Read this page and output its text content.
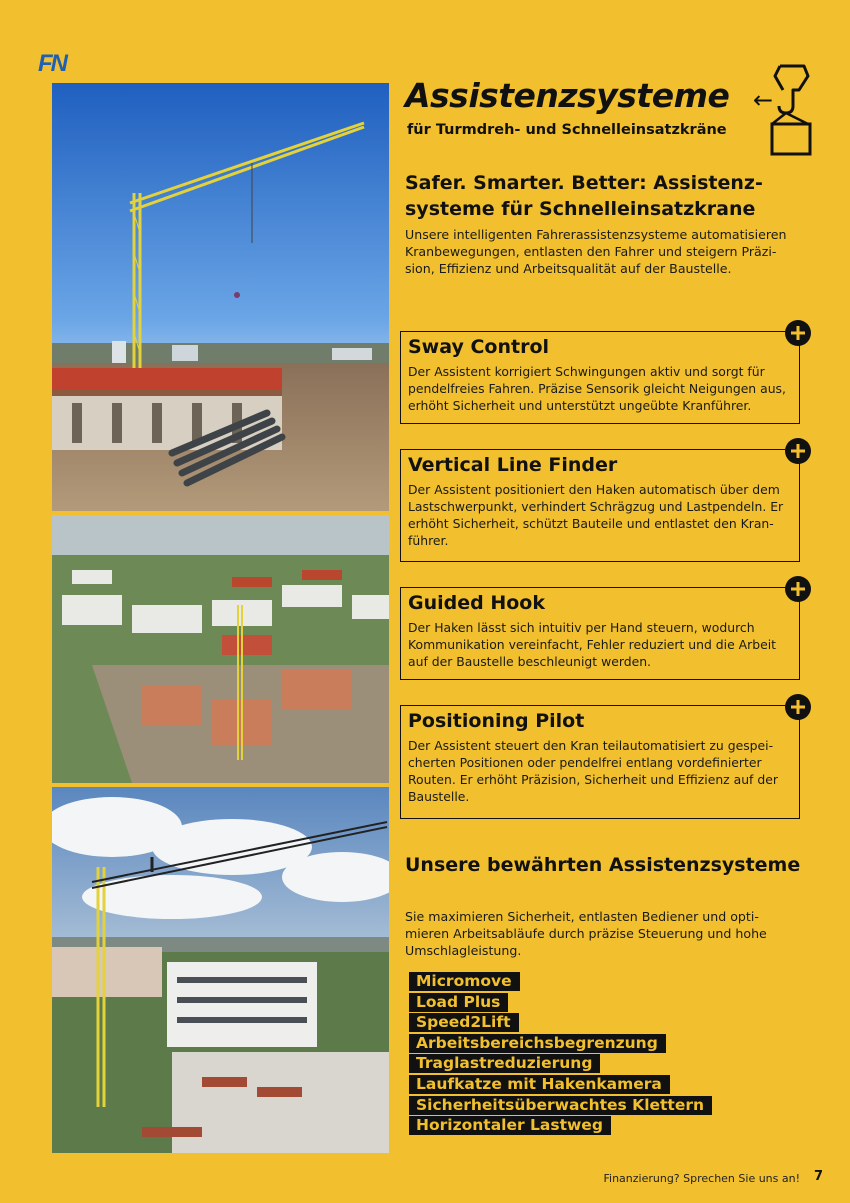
FN
Assistenzsysteme ←
für Turmdreh- und Schnelleinsatzkräne
Safer. Smarter. Better: Assistenz-systeme für Schnelleinsatzkrane

Unsere intelligenten Fahrerassistenzsysteme automatisieren Kranbewegungen, entlasten den Fahrer und steigern Präzi-sion, Effizienz und Arbeitsqualität auf der Baustelle.

Sway Control

Der Assistent korrigiert Schwingungen aktiv und sorgt für pendelfreies Fahren. Präzise Sensorik gleicht Neigungen aus, erhöht Sicherheit und unterstützt ungeübte Kranführer.

Vertical Line Finder

Der Assistent positioniert den Haken automatisch über dem Lastschwerpunkt, verhindert Schrägzug und Lastpendeln. Er erhöht Sicherheit, schützt Bauteile und entlastet den Kran-führer.

Guided Hook

Der Haken lässt sich intuitiv per Hand steuern, wodurch Kommunikation vereinfacht, Fehler reduziert und die Arbeit auf der Baustelle beschleunigt werden.

Positioning Pilot

Der Assistent steuert den Kran teilautomatisiert zu gespei-cherten Positionen oder pendelfrei entlang vordefinierter Routen. Er erhöht Präzision, Sicherheit und Effizienz auf der Baustelle.

Unsere bewährten Assistenzsysteme

Sie maximieren Sicherheit, entlasten Bediener und opti-mieren Arbeitsabläufe durch präzise Steuerung und hohe Umschlagleistung.

Micromove
Load Plus
Speed2Lift
Arbeitsbereichsbegrenzung
Traglastreduzierung
Laufkatze mit Hakenkamera
Sicherheitsüberwachtes Klettern
Horizontaler Lastweg
Finanzierung? Sprechen Sie uns an! 7
